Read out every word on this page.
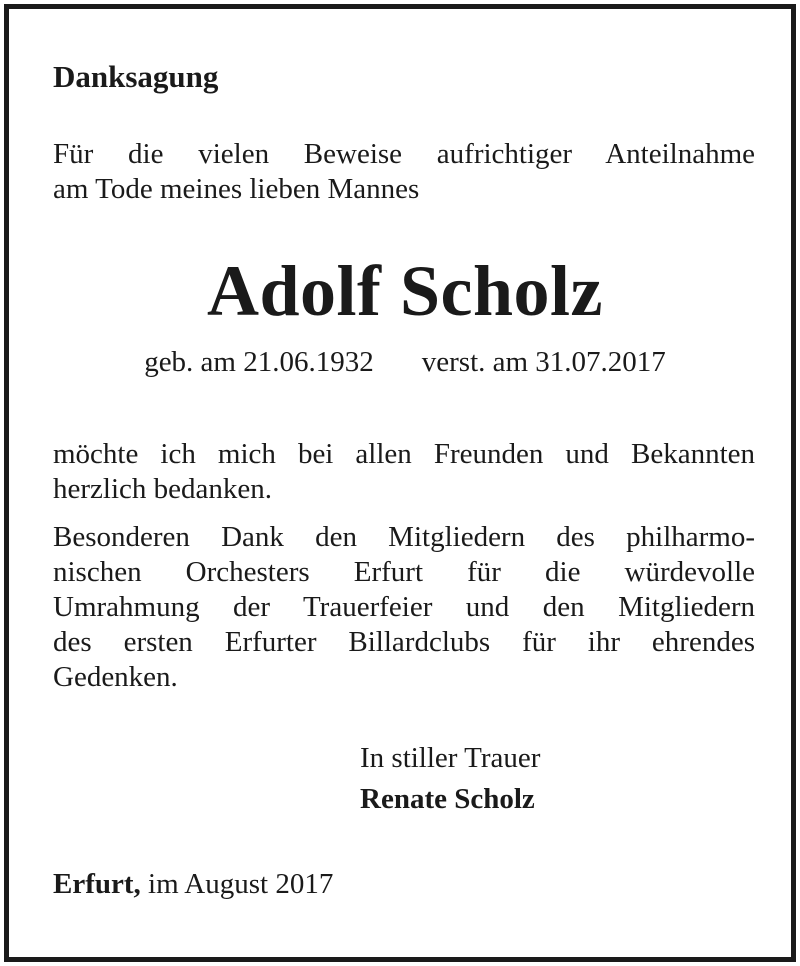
Danksagung

Für die vielen Beweise aufrichtiger Anteilnahme

am Tode meines lieben Mannes

Adolf Scholz

geb. am 21.06.1932 verst. am 31.07.2017

möchte ich mich bei allen Freunden und Bekannten

herzlich bedanken.

Besonderen Dank den Mitgliedern des philharmo-

nischen Orchesters Erfurt für die würdevolle

Umrahmung der Trauerfeier und den Mitgliedern

des ersten Erfurter Billardclubs für ihr ehrendes

Gedenken.

In stiller Trauer

Renate Scholz

Erfurt, im August 2017
